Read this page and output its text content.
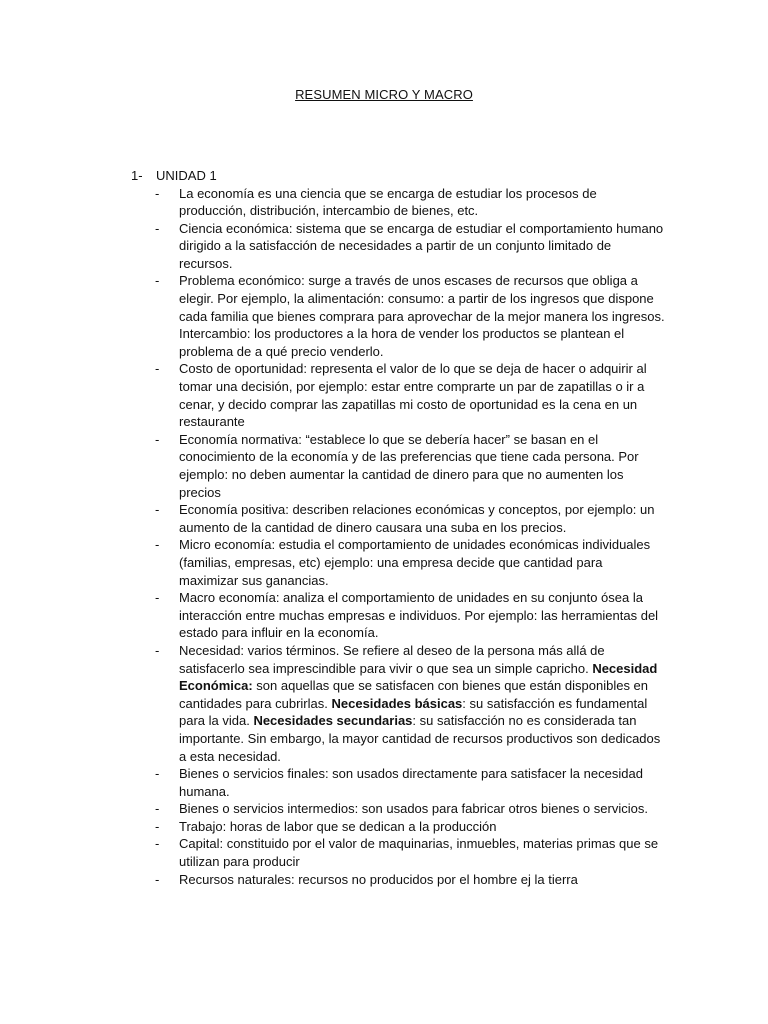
RESUMEN MICRO Y MACRO
1- UNIDAD 1
- La economía es una ciencia que se encarga de estudiar los procesos de producción, distribución, intercambio de bienes, etc.
- Ciencia económica: sistema que se encarga de estudiar el comportamiento humano dirigido a la satisfacción de necesidades a partir de un conjunto limitado de recursos.
- Problema económico: surge a través de unos escases de recursos que obliga a elegir. Por ejemplo, la alimentación: consumo: a partir de los ingresos que dispone cada familia que bienes comprara para aprovechar de la mejor manera los ingresos. Intercambio: los productores a la hora de vender los productos se plantean el problema de a qué precio venderlo.
- Costo de oportunidad: representa el valor de lo que se deja de hacer o adquirir al tomar una decisión, por ejemplo: estar entre comprarte un par de zapatillas o ir a cenar, y decido comprar las zapatillas mi costo de oportunidad es la cena en un restaurante
- Economía normativa: “establece lo que se debería hacer” se basan en el conocimiento de la economía y de las preferencias que tiene cada persona. Por ejemplo: no deben aumentar la cantidad de dinero para que no aumenten los precios
- Economía positiva: describen relaciones económicas y conceptos, por ejemplo: un aumento de la cantidad de dinero causara una suba en los precios.
- Micro economía: estudia el comportamiento de unidades económicas individuales (familias, empresas, etc) ejemplo: una empresa decide que cantidad para maximizar sus ganancias.
- Macro economía: analiza el comportamiento de unidades en su conjunto ósea la interacción entre muchas empresas e individuos. Por ejemplo: las herramientas del estado para influir en la economía.
- Necesidad: varios términos. Se refiere al deseo de la persona más allá de satisfacerlo sea imprescindible para vivir o que sea un simple capricho. Necesidad Económica: son aquellas que se satisfacen con bienes que están disponibles en cantidades para cubrirlas. Necesidades básicas: su satisfacción es fundamental para la vida. Necesidades secundarias: su satisfacción no es considerada tan importante. Sin embargo, la mayor cantidad de recursos productivos son dedicados a esta necesidad.
- Bienes o servicios finales: son usados directamente para satisfacer la necesidad humana.
- Bienes o servicios intermedios: son usados para fabricar otros bienes o servicios.
- Trabajo: horas de labor que se dedican a la producción
- Capital: constituido por el valor de maquinarias, inmuebles, materias primas que se utilizan para producir
- Recursos naturales: recursos no producidos por el hombre ej la tierra
